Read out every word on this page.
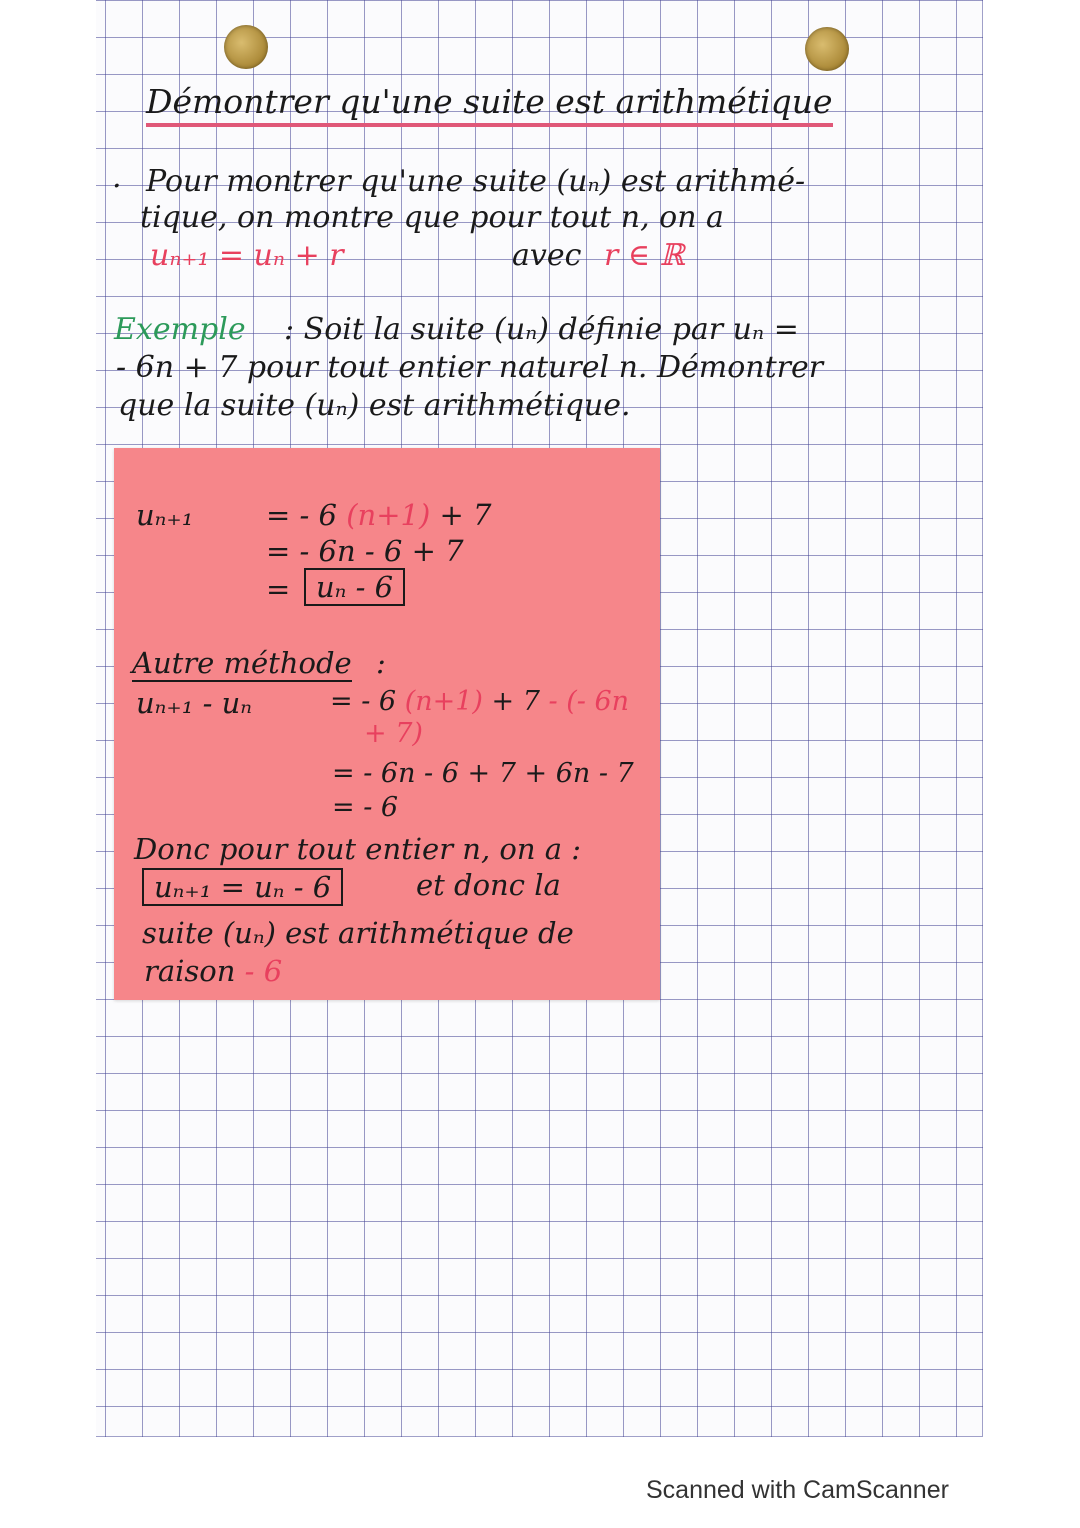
Démontrer qu'une suite est arithmétique
. Pour montrer qu'une suite (uₙ) est arithmé-
tique, on montre que pour tout n, on a
uₙ₊₁ = uₙ + r	avec r ∈ ℝ
Exemple : Soit la suite (uₙ) définie par uₙ =
- 6n + 7 pour tout entier naturel n. Démontrer
que la suite (uₙ) est arithmétique.
uₙ₊₁	= - 6 (n+1) + 7
= - 6n - 6 + 7
= uₙ - 6
Autre méthode :
uₙ₊₁ - uₙ	= - 6 (n+1) + 7 - (- 6n
+ 7)
= - 6n - 6 + 7 + 6n - 7
= - 6
Donc pour tout entier n, on a :
uₙ₊₁ = uₙ - 6	et donc la
suite (uₙ) est arithmétique de
raison - 6
Scanned with CamScanner
